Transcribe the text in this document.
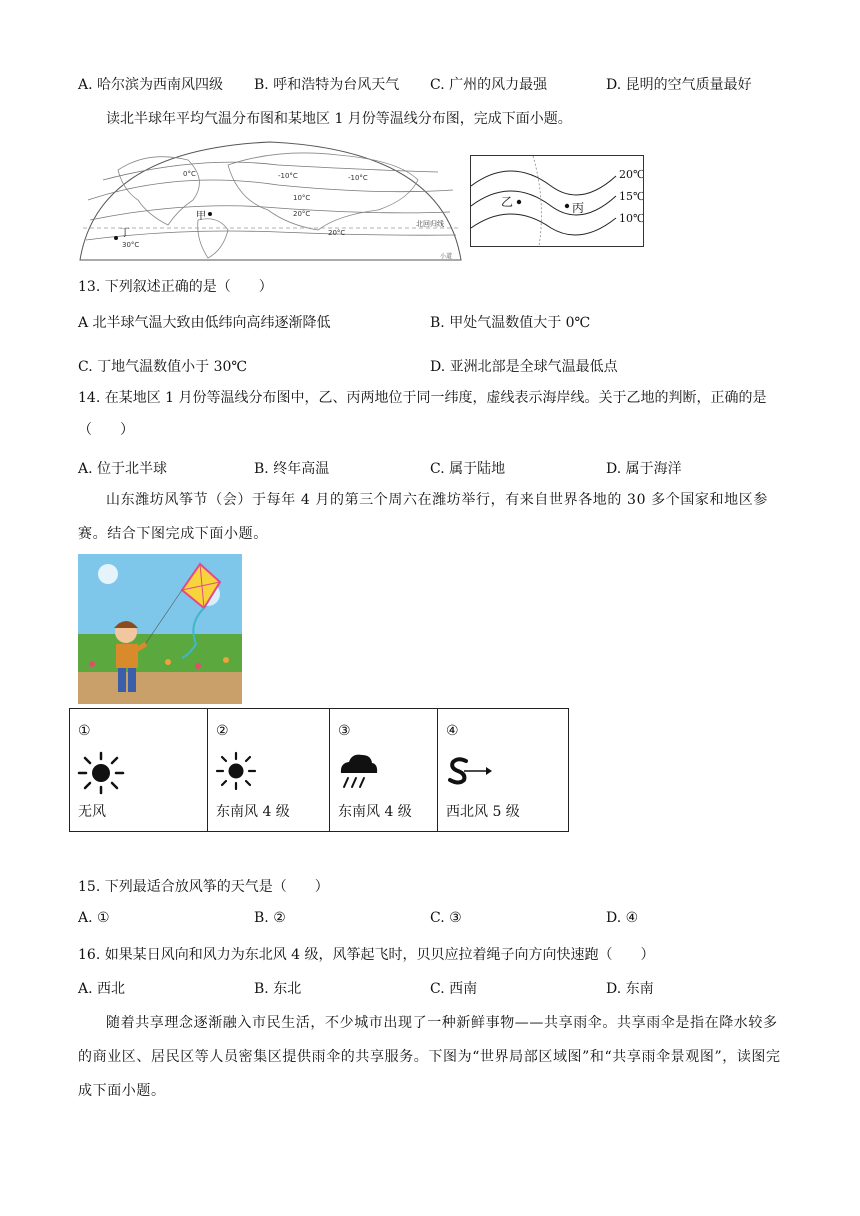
A. 哈尔滨为西南风四级 B. 呼和浩特为台风天气 C. 广州的风力最强	D. 昆明的空气质量最好
读北半球年平均气温分布图和某地区 1 月份等温线分布图，完成下面小题。
0°C	-10°C	-10°C
10°C
20°C
20°C
30°C
甲
丁
北回归线
小道
20℃
15℃
10℃
乙	丙
13. 下列叙述正确的是（　　）
A 北半球气温大致由低纬向高纬逐渐降低	B. 甲处气温数值大于 0℃
C. 丁地气温数值小于 30℃	D. 亚洲北部是全球气温最低点
14. 在某地区 1 月份等温线分布图中，乙、丙两地位于同一纬度，虚线表示海岸线。关于乙地的判断，正确的是（　　）
A. 位于北半球	B. 终年高温	C. 属于陆地	D. 属于海洋
山东潍坊风筝节（会）于每年 4 月的第三个周六在潍坊举行，有来自世界各地的 30 多个国家和地区参赛。结合下图完成下面小题。
①
无风

②
东南风 4 级

③
东南风 4 级

④
西北风 5 级
15. 下列最适合放风筝的天气是（　　）
A. ①	B. ②	C. ③	D. ④
16. 如果某日风向和风力为东北风 4 级，风筝起飞时，贝贝应拉着绳子向方向快速跑（　　）
A. 西北	B. 东北	C. 西南	D. 东南
随着共享理念逐渐融入市民生活，不少城市出现了一种新鲜事物——共享雨伞。共享雨伞是指在降水较多的商业区、居民区等人员密集区提供雨伞的共享服务。下图为“世界局部区域图”和“共享雨伞景观图”，读图完成下面小题。
